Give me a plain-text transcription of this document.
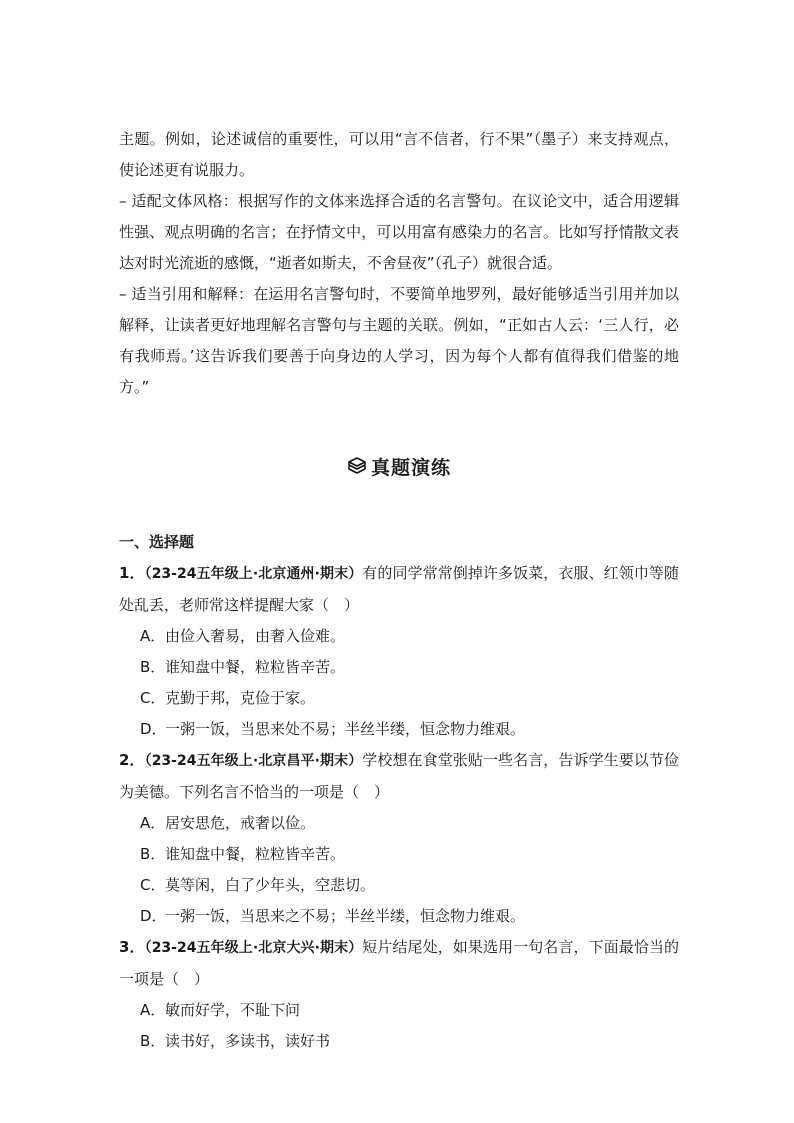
主题。例如，论述诚信的重要性，可以用“言不信者，行不果”（墨子）来支持观点，使论述更有说服力。

– 适配文体风格：根据写作的文体来选择合适的名言警句。在议论文中，适合用逻辑性强、观点明确的名言；在抒情文中，可以用富有感染力的名言。比如写抒情散文表达对时光流逝的感慨，“逝者如斯夫，不舍昼夜”（孔子）就很合适。

– 适当引用和解释：在运用名言警句时，不要简单地罗列，最好能够适当引用并加以解释，让读者更好地理解名言警句与主题的关联。例如，“正如古人云：‘三人行，必有我师焉。’这告诉我们要善于向身边的人学习，因为每个人都有值得我们借鉴的地方。”

真题演练
一、选择题
1．（23-24五年级上·北京通州·期末）有的同学常常倒掉许多饭菜，衣服、红领巾等随处乱丢，老师常这样提醒大家（　）
A．由俭入奢易，由奢入俭难。
B．谁知盘中餐，粒粒皆辛苦。
C．克勤于邦，克俭于家。
D．一粥一饭，当思来处不易；半丝半缕，恒念物力维艰。
2．（23-24五年级上·北京昌平·期末）学校想在食堂张贴一些名言，告诉学生要以节俭为美德。下列名言不恰当的一项是（　）
A．居安思危，戒奢以俭。
B．谁知盘中餐，粒粒皆辛苦。
C．莫等闲，白了少年头，空悲切。
D．一粥一饭，当思来之不易；半丝半缕，恒念物力维艰。
3．（23-24五年级上·北京大兴·期末）短片结尾处，如果选用一句名言，下面最恰当的一项是（　）
A．敏而好学，不耻下问
B．读书好，多读书，读好书
